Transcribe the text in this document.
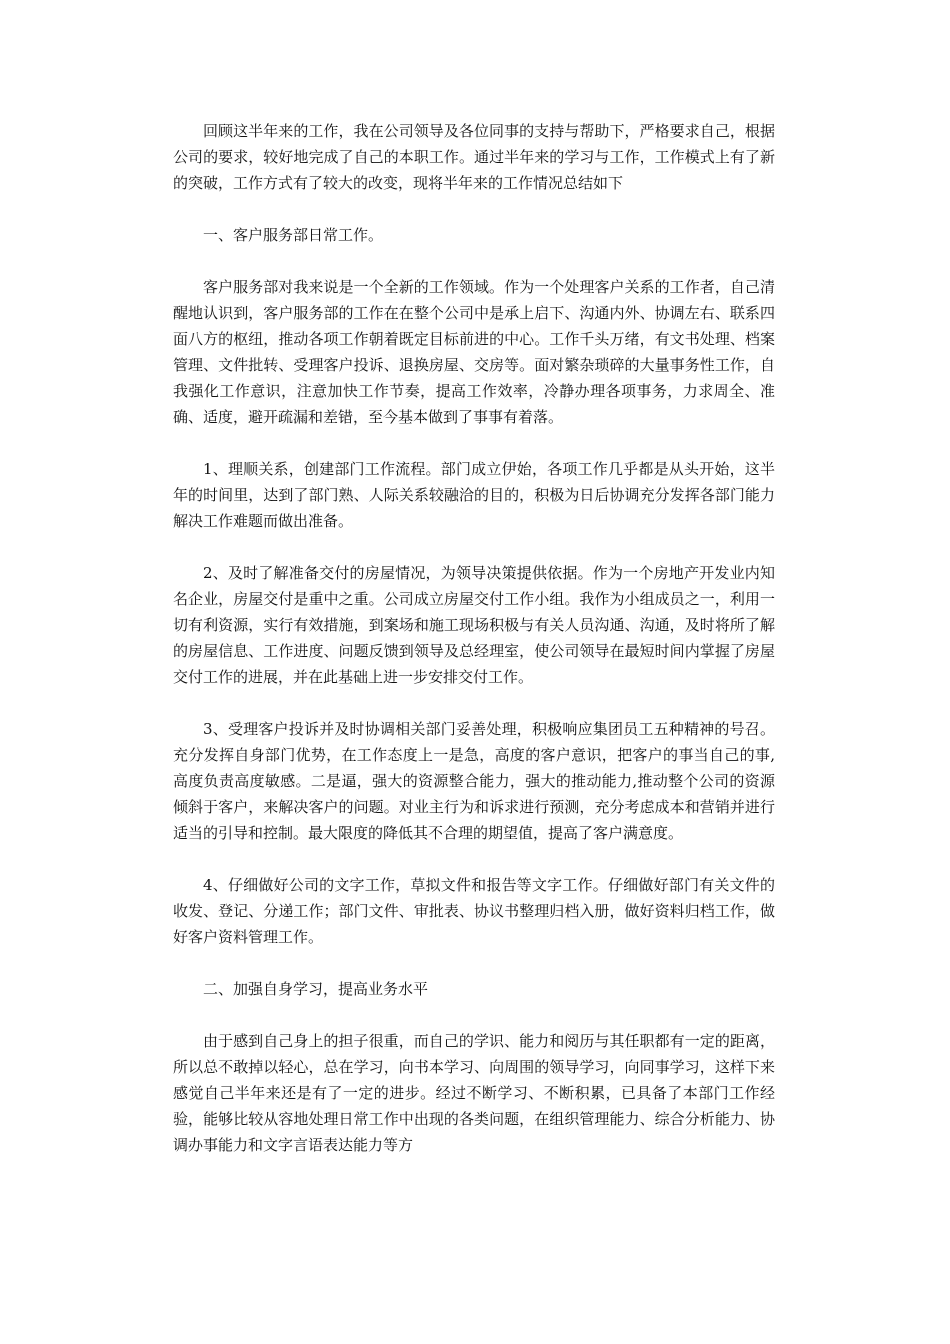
回顾这半年来的工作，我在公司领导及各位同事的支持与帮助下，严格要求自己，根据公司的要求，较好地完成了自己的本职工作。通过半年来的学习与工作，工作模式上有了新的突破，工作方式有了较大的改变，现将半年来的工作情况总结如下

一、客户服务部日常工作。

客户服务部对我来说是一个全新的工作领域。作为一个处理客户关系的工作者，自己清醒地认识到，客户服务部的工作在在整个公司中是承上启下、沟通内外、协调左右、联系四面八方的枢纽，推动各项工作朝着既定目标前进的中心。工作千头万绪，有文书处理、档案管理、文件批转、受理客户投诉、退换房屋、交房等。面对繁杂琐碎的大量事务性工作，自我强化工作意识，注意加快工作节奏，提高工作效率，冷静办理各项事务，力求周全、准确、适度，避开疏漏和差错，至今基本做到了事事有着落。

1、理顺关系，创建部门工作流程。部门成立伊始，各项工作几乎都是从头开始，这半年的时间里，达到了部门熟、人际关系较融洽的目的，积极为日后协调充分发挥各部门能力解决工作难题而做出准备。

2、及时了解准备交付的房屋情况，为领导决策提供依据。作为一个房地产开发业内知名企业，房屋交付是重中之重。公司成立房屋交付工作小组。我作为小组成员之一，利用一切有利资源，实行有效措施，到案场和施工现场积极与有关人员沟通、沟通，及时将所了解的房屋信息、工作进度、问题反馈到领导及总经理室，使公司领导在最短时间内掌握了房屋交付工作的进展，并在此基础上进一步安排交付工作。

3、受理客户投诉并及时协调相关部门妥善处理，积极响应集团员工五种精神的号召。充分发挥自身部门优势，在工作态度上一是急，高度的客户意识，把客户的事当自己的事,高度负责高度敏感。二是逼，强大的资源整合能力，强大的推动能力,推动整个公司的资源倾斜于客户，来解决客户的问题。对业主行为和诉求进行预测，充分考虑成本和营销并进行适当的引导和控制。最大限度的降低其不合理的期望值，提高了客户满意度。

4、仔细做好公司的文字工作，草拟文件和报告等文字工作。仔细做好部门有关文件的收发、登记、分递工作；部门文件、审批表、协议书整理归档入册，做好资料归档工作，做好客户资料管理工作。

二、加强自身学习，提高业务水平

由于感到自己身上的担子很重，而自己的学识、能力和阅历与其任职都有一定的距离，所以总不敢掉以轻心，总在学习，向书本学习、向周围的领导学习，向同事学习，这样下来感觉自己半年来还是有了一定的进步。经过不断学习、不断积累，已具备了本部门工作经验，能够比较从容地处理日常工作中出现的各类问题，在组织管理能力、综合分析能力、协调办事能力和文字言语表达能力等方
